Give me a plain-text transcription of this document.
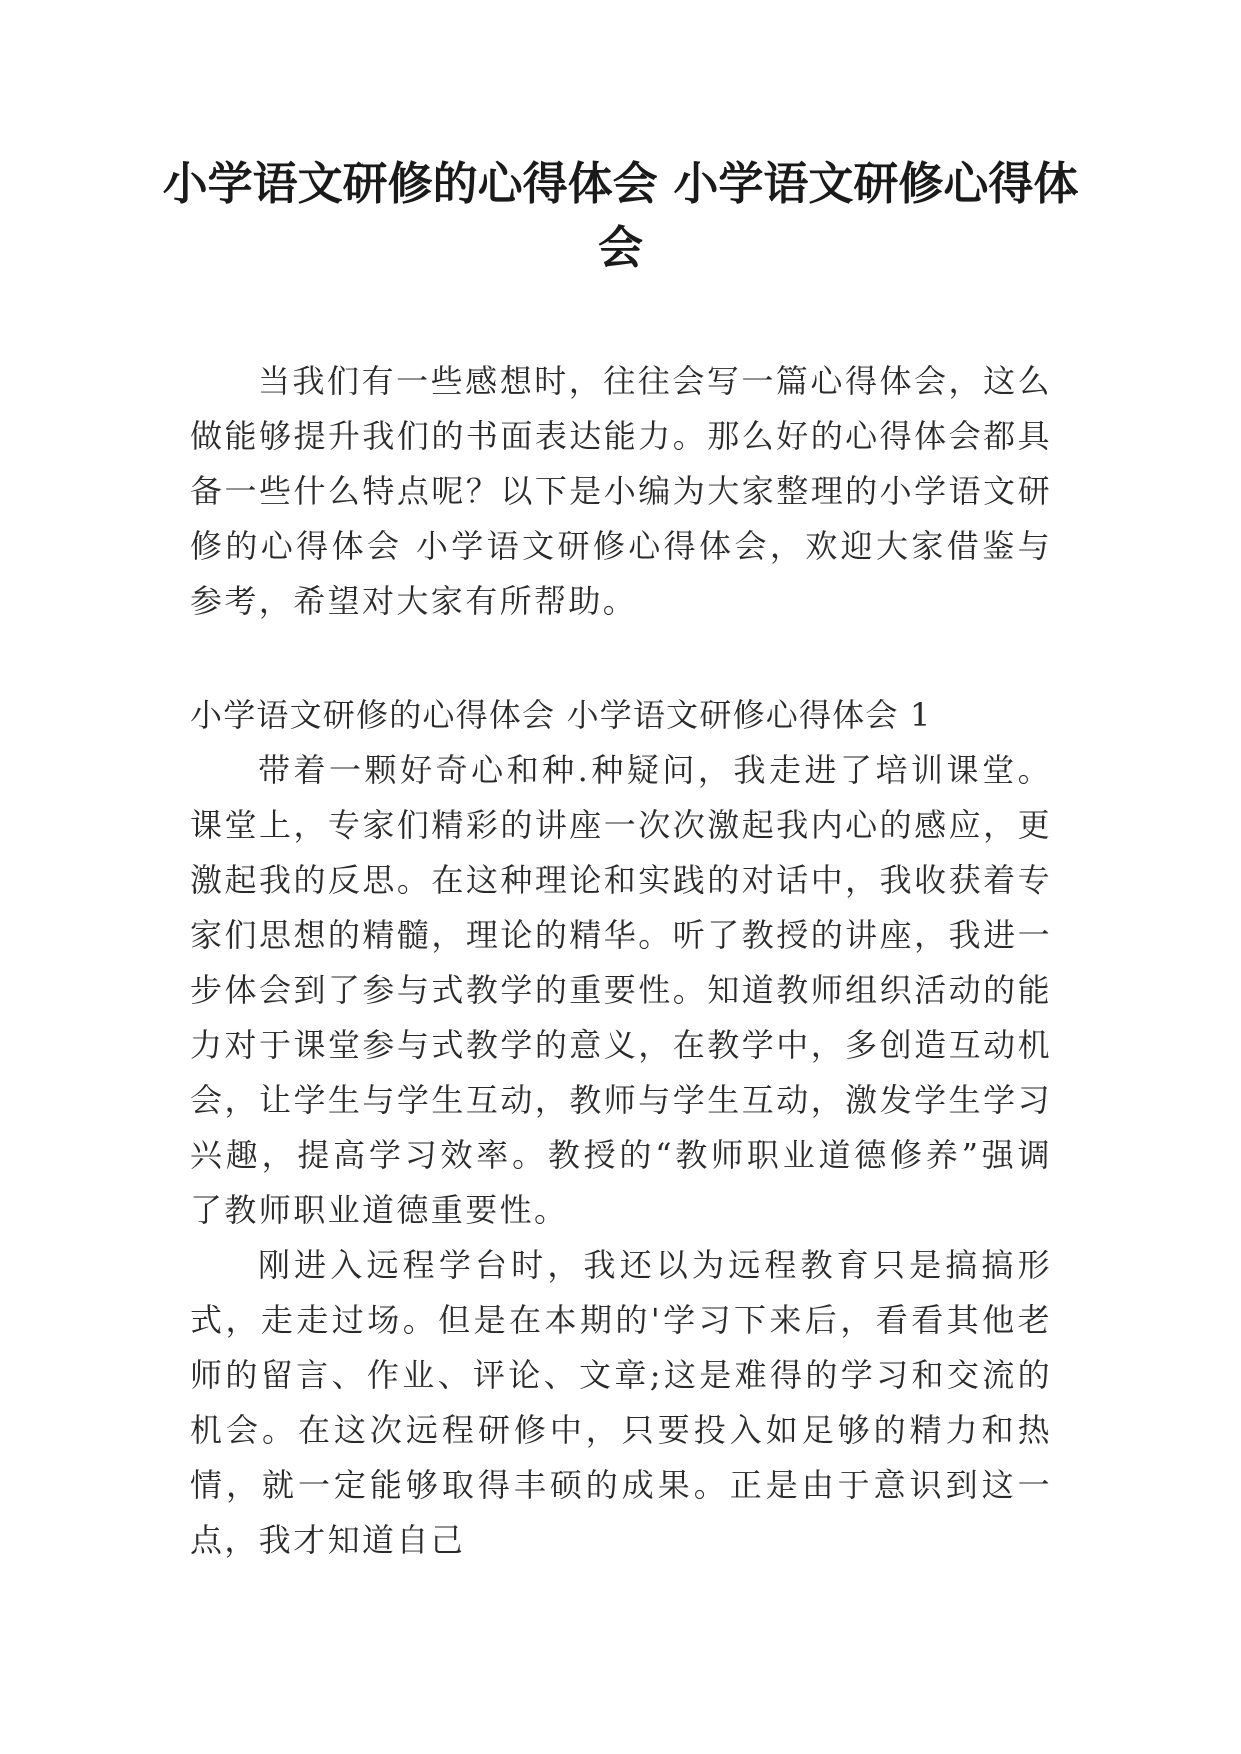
小学语文研修的心得体会 小学语文研修心得体会

当我们有一些感想时，往往会写一篇心得体会，这么做能够提升我们的书面表达能力。那么好的心得体会都具备一些什么特点呢？以下是小编为大家整理的小学语文研修的心得体会 小学语文研修心得体会，欢迎大家借鉴与参考，希望对大家有所帮助。

小学语文研修的心得体会 小学语文研修心得体会 1

带着一颗好奇心和种.种疑问，我走进了培训课堂。课堂上，专家们精彩的讲座一次次激起我内心的感应，更激起我的反思。在这种理论和实践的对话中，我收获着专家们思想的精髓，理论的精华。听了教授的讲座，我进一步体会到了参与式教学的重要性。知道教师组织活动的能力对于课堂参与式教学的意义，在教学中，多创造互动机会，让学生与学生互动，教师与学生互动，激发学生学习兴趣，提高学习效率。教授的“教师职业道德修养”强调了教师职业道德重要性。

刚进入远程学台时，我还以为远程教育只是搞搞形式，走走过场。但是在本期的'学习下来后，看看其他老师的留言、作业、评论、文章;这是难得的学习和交流的机会。在这次远程研修中，只要投入如足够的精力和热情，就一定能够取得丰硕的成果。正是由于意识到这一点，我才知道自己
